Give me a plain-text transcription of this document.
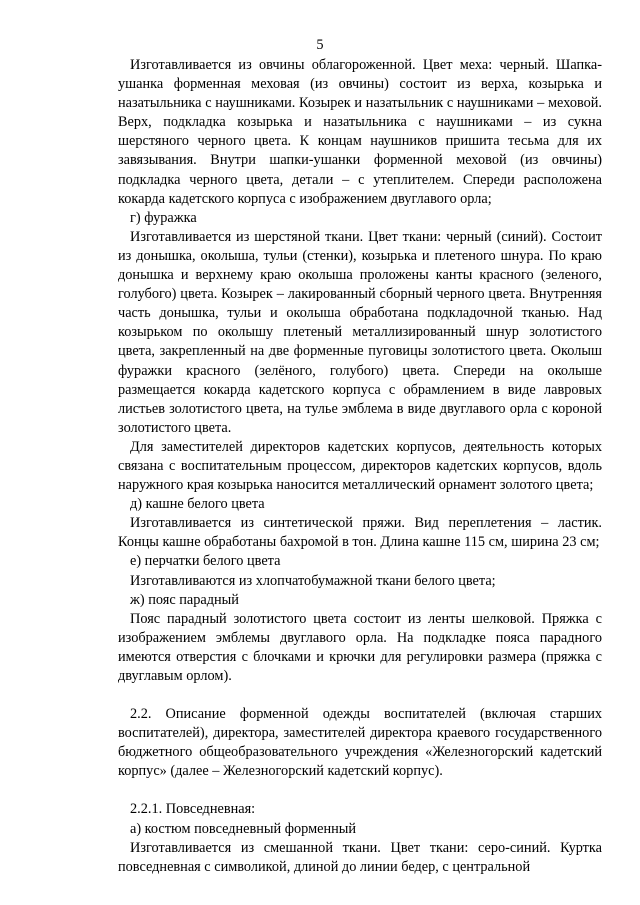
5

Изготавливается из овчины облагороженной. Цвет меха: черный. Шапка-ушанка форменная меховая (из овчины) состоит из верха, козырька и назатыльника с наушниками. Козырек и назатыльник с наушниками – меховой. Верх, подкладка козырька и назатыльника с наушниками – из сукна шерстяного черного цвета. К концам наушников пришита тесьма для их завязывания. Внутри шапки-ушанки форменной меховой (из овчины) подкладка черного цвета, детали – с утеплителем. Спереди расположена кокарда кадетского корпуса с изображением двуглавого орла;

г) фуражка

Изготавливается из шерстяной ткани. Цвет ткани: черный (синий). Состоит из донышка, околыша, тульи (стенки), козырька и плетеного шнура. По краю донышка и верхнему краю околыша проложены канты красного (зеленого, голубого) цвета. Козырек – лакированный сборный черного цвета. Внутренняя часть донышка, тульи и околыша обработана подкладочной тканью. Над козырьком по околышу плетеный металлизированный шнур золотистого цвета, закрепленный на две форменные пуговицы золотистого цвета. Околыш фуражки красного (зелёного, голубого) цвета. Спереди на околыше размещается кокарда кадетского корпуса с обрамлением в виде лавровых листьев золотистого цвета, на тулье эмблема в виде двуглавого орла с короной золотистого цвета.

Для заместителей директоров кадетских корпусов, деятельность которых связана с воспитательным процессом, директоров кадетских корпусов, вдоль наружного края козырька наносится металлический орнамент золотого цвета;

д) кашне белого цвета

Изготавливается из синтетической пряжи. Вид переплетения – ластик. Концы кашне обработаны бахромой в тон. Длина кашне 115 см, ширина 23 см;

е) перчатки белого цвета

Изготавливаются из хлопчатобумажной ткани белого цвета;

ж) пояс парадный

Пояс парадный золотистого цвета состоит из ленты шелковой. Пряжка с изображением эмблемы двуглавого орла. На подкладке пояса парадного имеются отверстия с блочками и крючки для регулировки размера (пряжка с двуглавым орлом).

2.2. Описание форменной одежды воспитателей (включая старших воспитателей), директора, заместителей директора краевого государственного бюджетного общеобразовательного учреждения «Железногорский кадетский корпус» (далее – Железногорский кадетский корпус).

2.2.1. Повседневная:

а) костюм повседневный форменный

Изготавливается из смешанной ткани. Цвет ткани: серо-синий. Куртка повседневная с символикой, длиной до линии бедер, с центральной
